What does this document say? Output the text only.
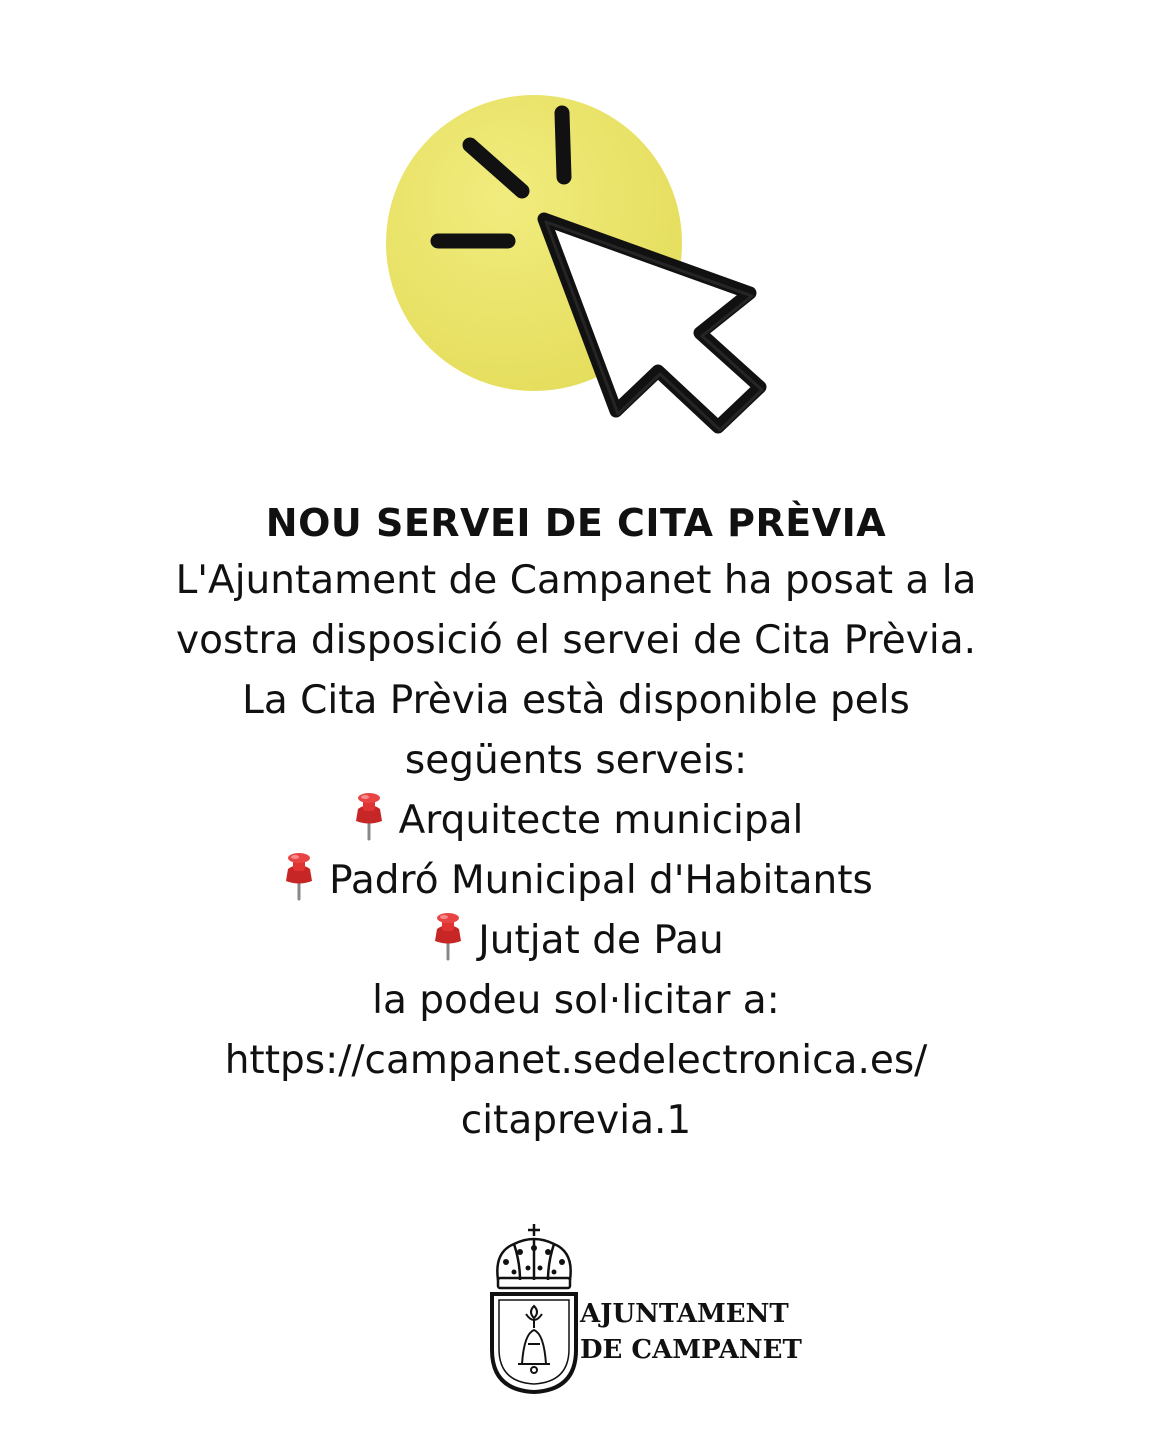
NOU SERVEI DE CITA PRÈVIA

L'Ajuntament de Campanet ha posat a la

vostra disposició el servei de Cita Prèvia.

La Cita Prèvia està disponible pels

següents serveis:

Arquitecte municipal

Padró Municipal d'Habitants

Jutjat de Pau

la podeu sol·licitar a:

https://campanet.sedelectronica.es/

citaprevia.1

AJUNTAMENT
DE CAMPANET
